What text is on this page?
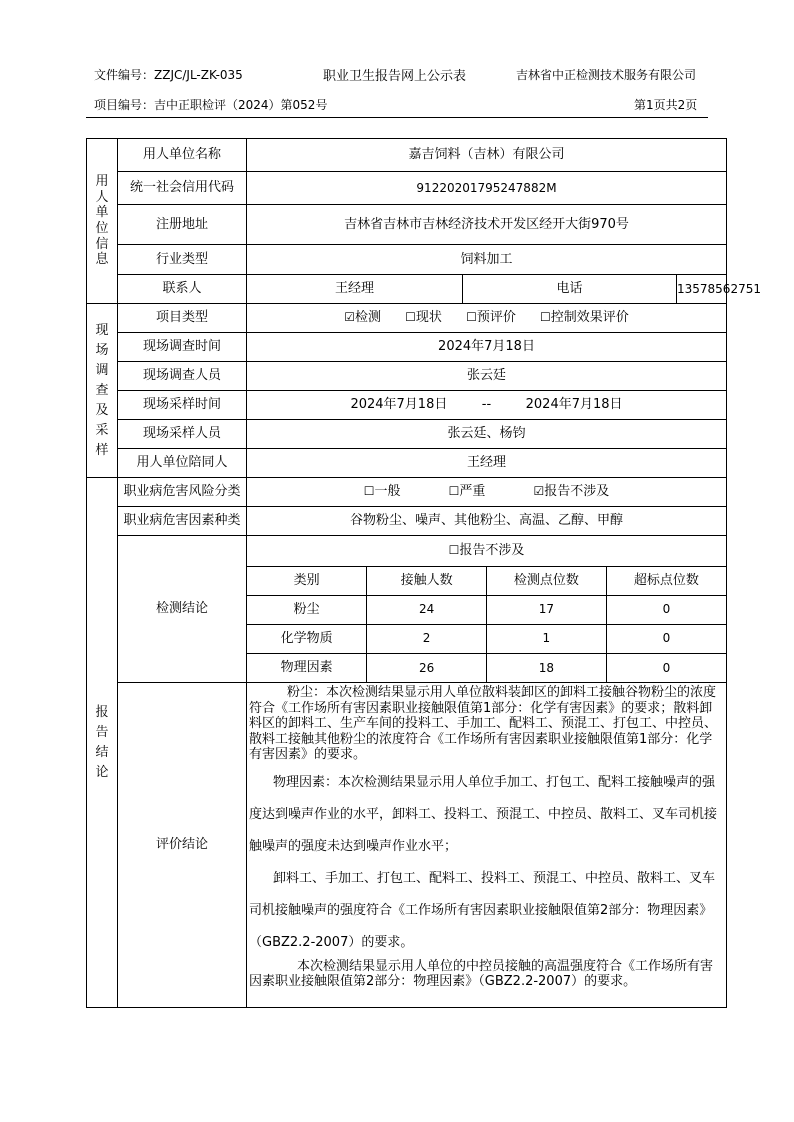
文件编号：ZZJC/JL-ZK-035	职业卫生报告网上公示表	吉林省中正检测技术服务有限公司
项目编号：吉中正职检评（2024）第052号	第1页共2页
用人单位信息
	用人单位名称	嘉吉饲料（吉林）有限公司
统一社会信用代码	91220201795247882M
注册地址	吉林省吉林市吉林经济技术开发区经开大街970号
行业类型	饲料加工
联系人	王经理	电话	13578562751

现场调查及采样
	项目类型	☑检测 ☐现状 ☐预评价 ☐控制效果评价
现场调查时间	2024年7月18日
现场调查人员	张云廷
现场采样时间	2024年7月18日	--	2024年7月18日
现场采样人员	张云廷、杨钧
用人单位陪同人	王经理

报告结论
	职业病危害风险分类	☐一般	☐严重	☑报告不涉及
职业病危害因素种类	谷物粉尘、噪声、其他粉尘、高温、乙醇、甲醇
检测结论	
☐报告不涉及
类别	接触人数	检测点位数	超标点位数
粉尘	24	17	0
化学物质	2	1	0
物理因素	26	18	0

评价结论	

粉尘：本次检测结果显示用人单位散料装卸区的卸料工接触谷物粉尘的浓度符合《工作场所有害因素职业接触限值第1部分：化学有害因素》的要求；散料卸料区的卸料工、生产车间的投料工、手加工、配料工、预混工、打包工、中控员、散料工接触其他粉尘的浓度符合《工作场所有害因素职业接触限值第1部分：化学有害因素》的要求。

物理因素：本次检测结果显示用人单位手加工、打包工、配料工接触噪声的强度达到噪声作业的水平，卸料工、投料工、预混工、中控员、散料工、叉车司机接触噪声的强度未达到噪声作业水平；

卸料工、手加工、打包工、配料工、投料工、预混工、中控员、散料工、叉车司机接触噪声的强度符合《工作场所有害因素职业接触限值第2部分：物理因素》（GBZ2.2-2007）的要求。

本次检测结果显示用人单位的中控员接触的高温强度符合《工作场所有害因素职业接触限值第2部分：物理因素》（GBZ2.2-2007）的要求。
